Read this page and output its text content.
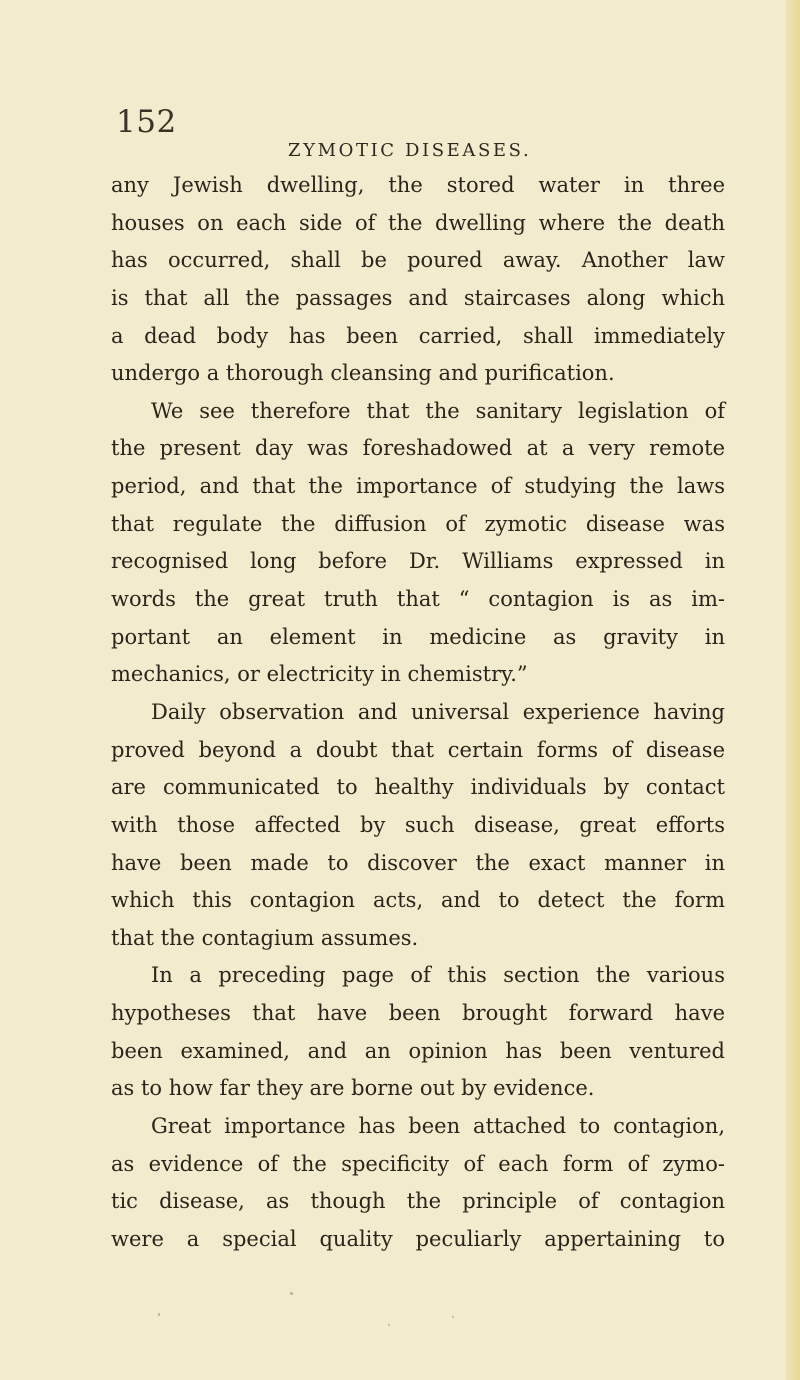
152
ZYMOTIC DISEASES.
any Jewish dwelling, the stored water in three
houses on each side of the dwelling where the death
has occurred, shall be poured away. Another law
is that all the passages and staircases along which
a dead body has been carried, shall immediately
undergo a thorough cleansing and purification.
We see therefore that the sanitary legislation of
the present day was foreshadowed at a very remote
period, and that the importance of studying the laws
that regulate the diffusion of zymotic disease was
recognised long before Dr. Williams expressed in
words the great truth that “ contagion is as im-
portant an element in medicine as gravity in
mechanics, or electricity in chemistry.”
Daily observation and universal experience having
proved beyond a doubt that certain forms of disease
are communicated to healthy individuals by contact
with those affected by such disease, great efforts
have been made to discover the exact manner in
which this contagion acts, and to detect the form
that the contagium assumes.
In a preceding page of this section the various
hypotheses that have been brought forward have
been examined, and an opinion has been ventured
as to how far they are borne out by evidence.
Great importance has been attached to contagion,
as evidence of the specificity of each form of zymo-
tic disease, as though the principle of contagion
were a special quality peculiarly appertaining to
